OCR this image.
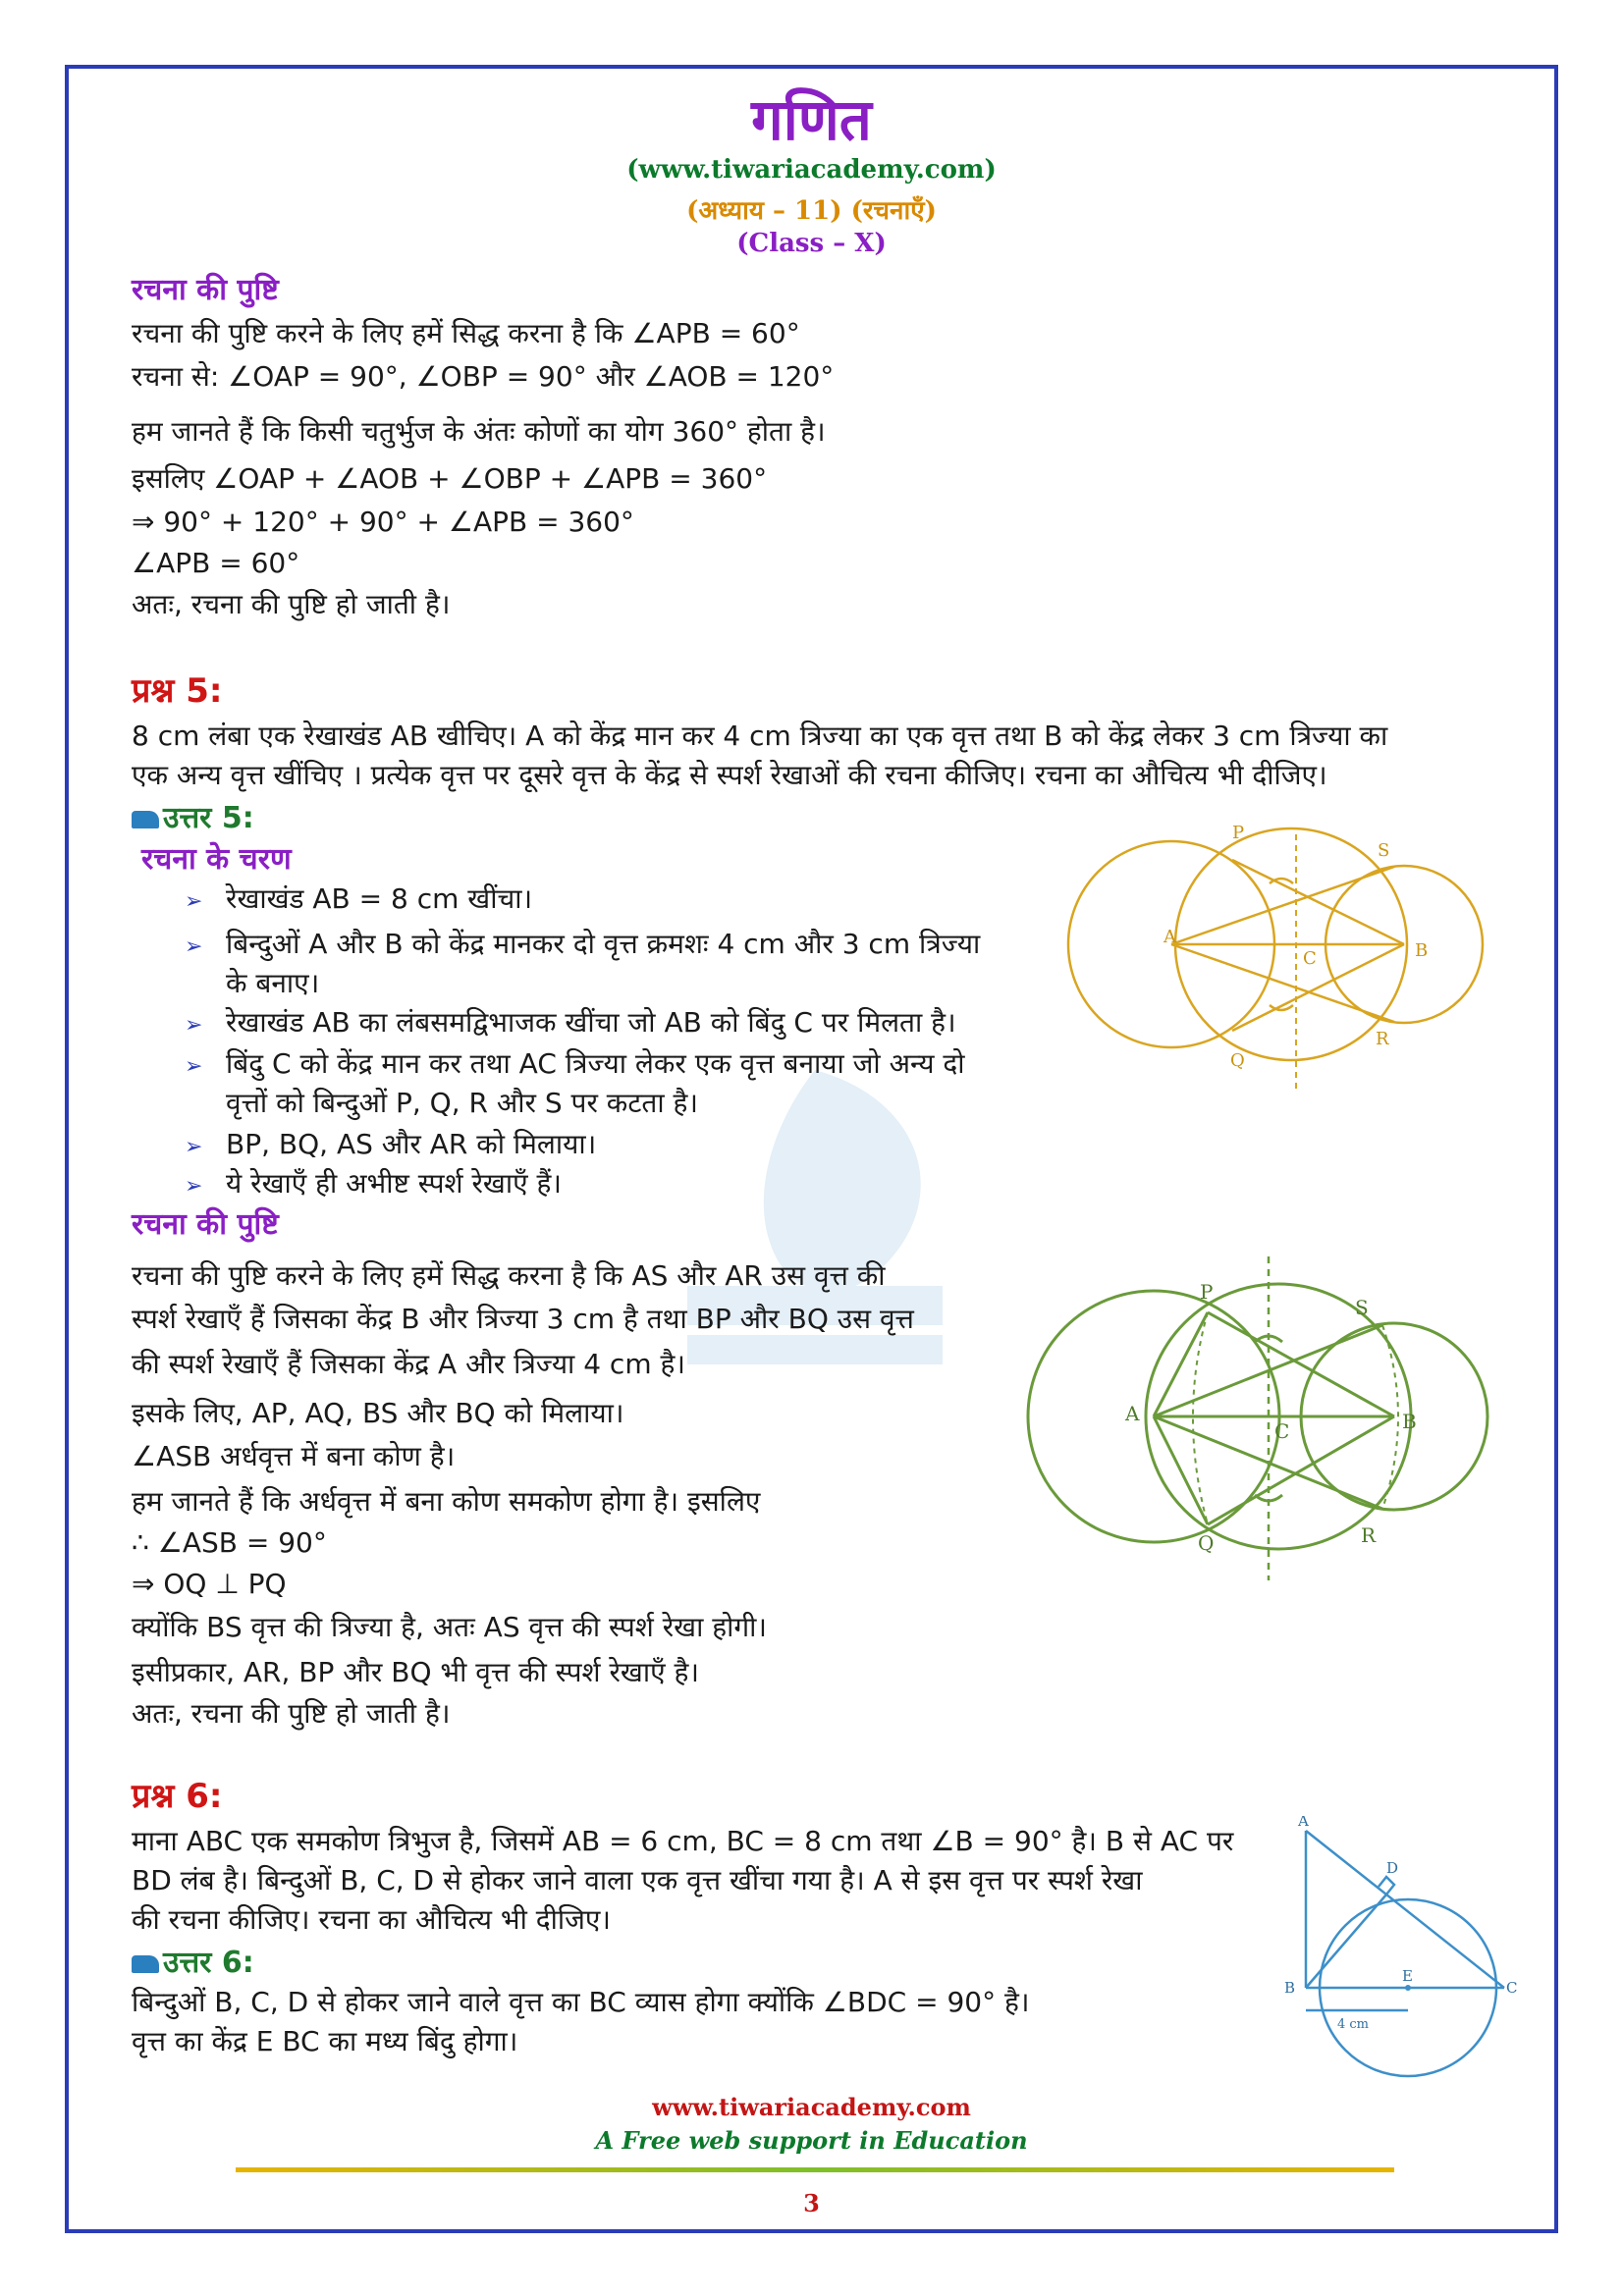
गणित
(www.tiwariacademy.com)
(अध्याय – 11) (रचनाएँ)
(Class – X)
रचना की पुष्टि
रचना की पुष्टि करने के लिए हमें सिद्ध करना है कि ∠APB = 60°
रचना से: ∠OAP = 90°, ∠OBP = 90° और ∠AOB = 120°
हम जानते हैं कि किसी चतुर्भुज के अंतः कोणों का योग 360° होता है।
इसलिए ∠OAP + ∠AOB + ∠OBP + ∠APB = 360°
⇒ 90° + 120° + 90° + ∠APB = 360°
∠APB = 60°
अतः, रचना की पुष्टि हो जाती है।
प्रश्न 5:
8 cm लंबा एक रेखाखंड AB खीचिए। A को केंद्र मान कर 4 cm त्रिज्या का एक वृत्त तथा B को केंद्र लेकर 3 cm त्रिज्या का
एक अन्य वृत्त खींचिए । प्रत्येक वृत्त पर दूसरे वृत्त के केंद्र से स्पर्श रेखाओं की रचना कीजिए। रचना का औचित्य भी दीजिए।
उत्तर 5:
रचना के चरण
➢ रेखाखंड AB = 8 cm खींचा।
➢ बिन्दुओं A और B को केंद्र मानकर दो वृत्त क्रमशः 4 cm और 3 cm त्रिज्या
के बनाए।
➢ रेखाखंड AB का लंबसमद्विभाजक खींचा जो AB को बिंदु C पर मिलता है।
➢ बिंदु C को केंद्र मान कर तथा AC त्रिज्या लेकर एक वृत्त बनाया जो अन्य दो
वृत्तों को बिन्दुओं P, Q, R और S पर कटता है।
➢ BP, BQ, AS और AR को मिलाया।
➢ ये रेखाएँ ही अभीष्ट स्पर्श रेखाएँ हैं।
A
B
C
P
Q
R
S
रचना की पुष्टि
रचना की पुष्टि करने के लिए हमें सिद्ध करना है कि AS और AR उस वृत्त की
स्पर्श रेखाएँ हैं जिसका केंद्र B और त्रिज्या 3 cm है तथा BP और BQ उस वृत्त
की स्पर्श रेखाएँ हैं जिसका केंद्र A और त्रिज्या 4 cm है।
इसके लिए, AP, AQ, BS और BQ को मिलाया।
∠ASB अर्धवृत्त में बना कोण है।
हम जानते हैं कि अर्धवृत्त में बना कोण समकोण होगा है। इसलिए
∴ ∠ASB = 90°
⇒ OQ ⊥ PQ
क्योंकि BS वृत्त की त्रिज्या है, अतः AS वृत्त की स्पर्श रेखा होगी।
इसीप्रकार, AR, BP और BQ भी वृत्त की स्पर्श रेखाएँ है।
अतः, रचना की पुष्टि हो जाती है।
A	B
C
P
Q	R
S
प्रश्न 6:
माना ABC एक समकोण त्रिभुज है, जिसमें AB = 6 cm, BC = 8 cm तथा ∠B = 90° है। B से AC पर
BD लंब है। बिन्दुओं B, C, D से होकर जाने वाला एक वृत्त खींचा गया है। A से इस वृत्त पर स्पर्श रेखा
की रचना कीजिए। रचना का औचित्य भी दीजिए।
उत्तर 6:
बिन्दुओं B, C, D से होकर जाने वाले वृत्त का BC व्यास होगा क्योंकि ∠BDC = 90° है।
वृत्त का केंद्र E BC का मध्य बिंदु होगा।
A
B	C
D
E
4 cm
www.tiwariacademy.com
A Free web support in Education
3
